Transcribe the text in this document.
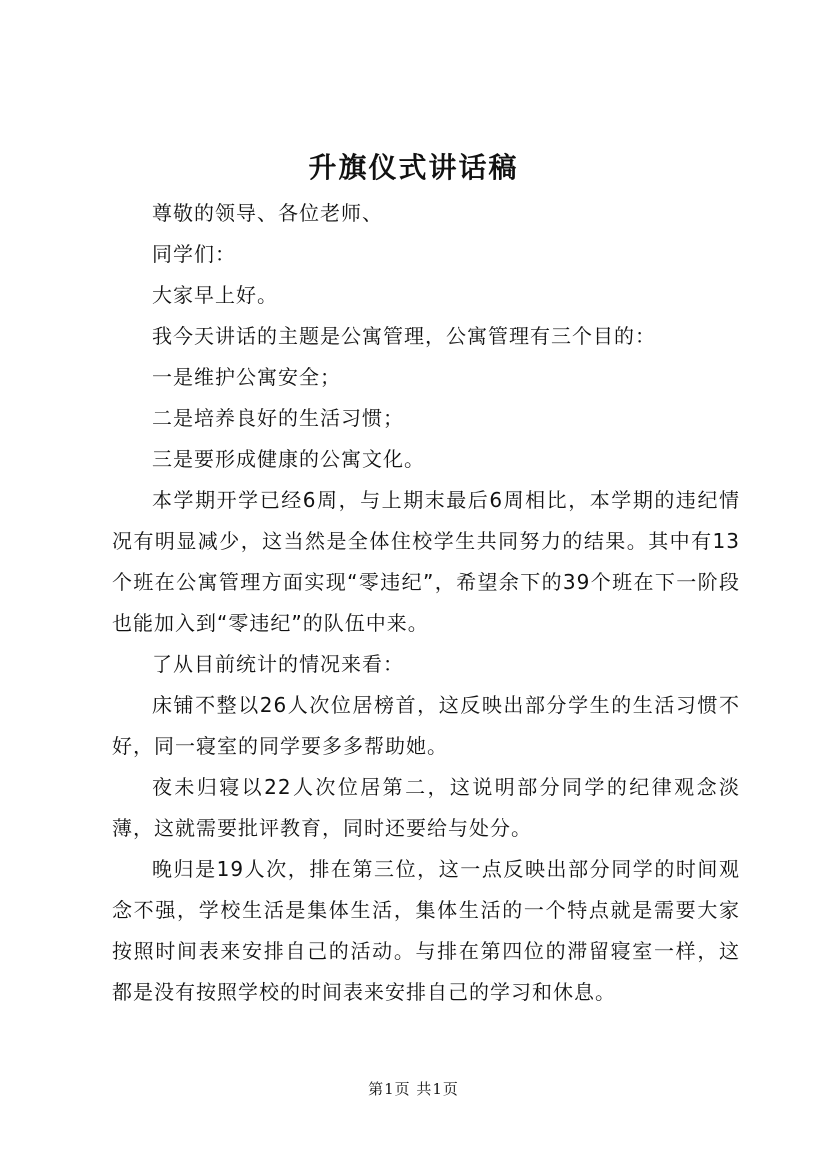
升旗仪式讲话稿

尊敬的领导、各位老师、

同学们：

大家早上好。

我今天讲话的主题是公寓管理，公寓管理有三个目的：

一是维护公寓安全；

二是培养良好的生活习惯；

三是要形成健康的公寓文化。

本学期开学已经6周，与上期末最后6周相比，本学期的违纪情况有明显减少，这当然是全体住校学生共同努力的结果。其中有13个班在公寓管理方面实现“零违纪”，希望余下的39个班在下一阶段也能加入到“零违纪”的队伍中来。

了从目前统计的情况来看：

床铺不整以26人次位居榜首，这反映出部分学生的生活习惯不好，同一寝室的同学要多多帮助她。

夜未归寝以22人次位居第二，这说明部分同学的纪律观念淡薄，这就需要批评教育，同时还要给与处分。

晚归是19人次，排在第三位，这一点反映出部分同学的时间观念不强，学校生活是集体生活，集体生活的一个特点就是需要大家按照时间表来安排自己的活动。与排在第四位的滞留寝室一样，这都是没有按照学校的时间表来安排自己的学习和休息。

第1页 共1页
